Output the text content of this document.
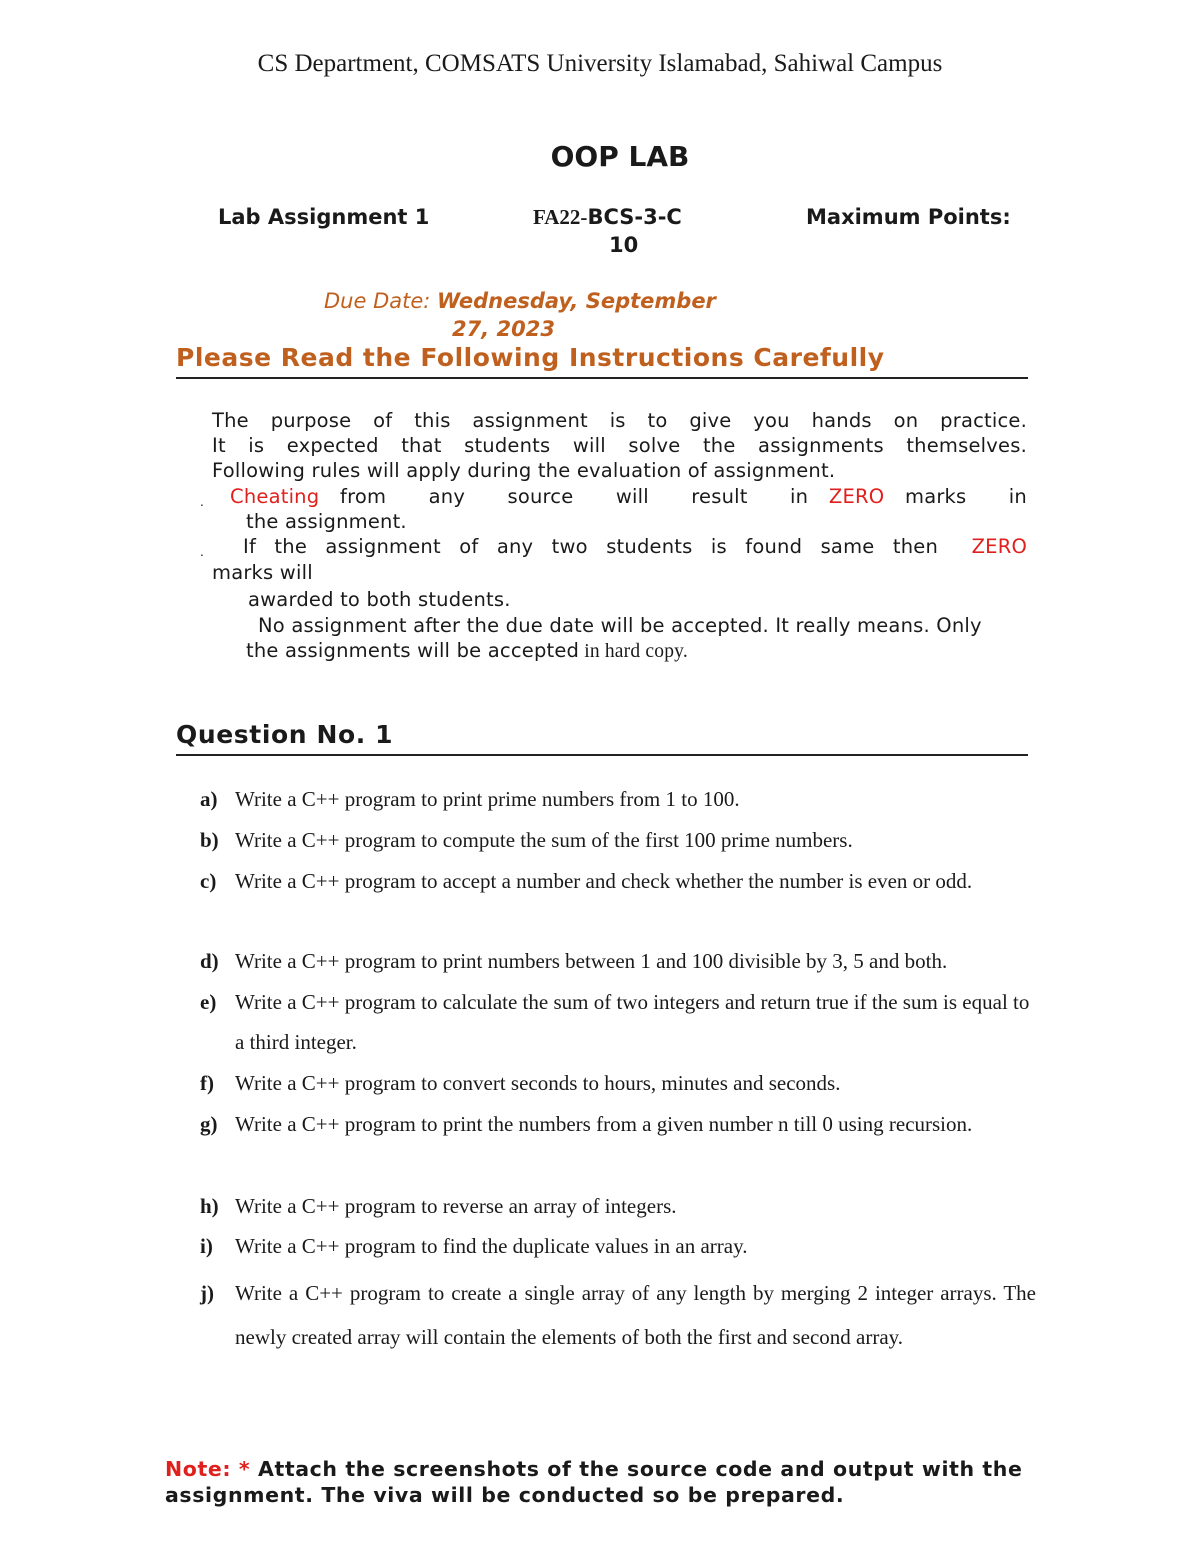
CS Department, COMSATS University Islamabad, Sahiwal Campus
OOP LAB
Lab Assignment 1	FA22-BCS-3-C	Maximum Points:
10
Due Date: Wednesday, September
27, 2023
Please Read the Following Instructions Carefully
The purpose of this assignment is to give you hands on practice.
It is expected that students will solve the assignments themselves.
Following rules will apply during the evaluation of assignment.
. Cheating from any source will result in ZERO marks in
the assignment.
. If the assignment of any two students is found same then ZERO
marks will
awarded to both students.
No assignment after the due date will be accepted. It really means. Only
the assignments will be accepted in hard copy.
Question No. 1
a) Write a C++ program to print prime numbers from 1 to 100.
b) Write a C++ program to compute the sum of the first 100 prime numbers.
c) Write a C++ program to accept a number and check whether the number is even or odd.
d) Write a C++ program to print numbers between 1 and 100 divisible by 3, 5 and both.
e) Write a C++ program to calculate the sum of two integers and return true if the sum is equal to a third integer.
f)	Write a C++ program to convert seconds to hours, minutes and seconds.
g) Write a C++ program to print the numbers from a given number n till 0 using recursion.
h) Write a C++ program to reverse an array of integers.
i)	Write a C++ program to find the duplicate values in an array.
j)	Write a C++ program to create a single array of any length by merging 2 integer arrays. The newly created array will contain the elements of both the first and second array.
Note: * Attach the screenshots of the source code and output with the assignment. The viva will be conducted so be prepared.
